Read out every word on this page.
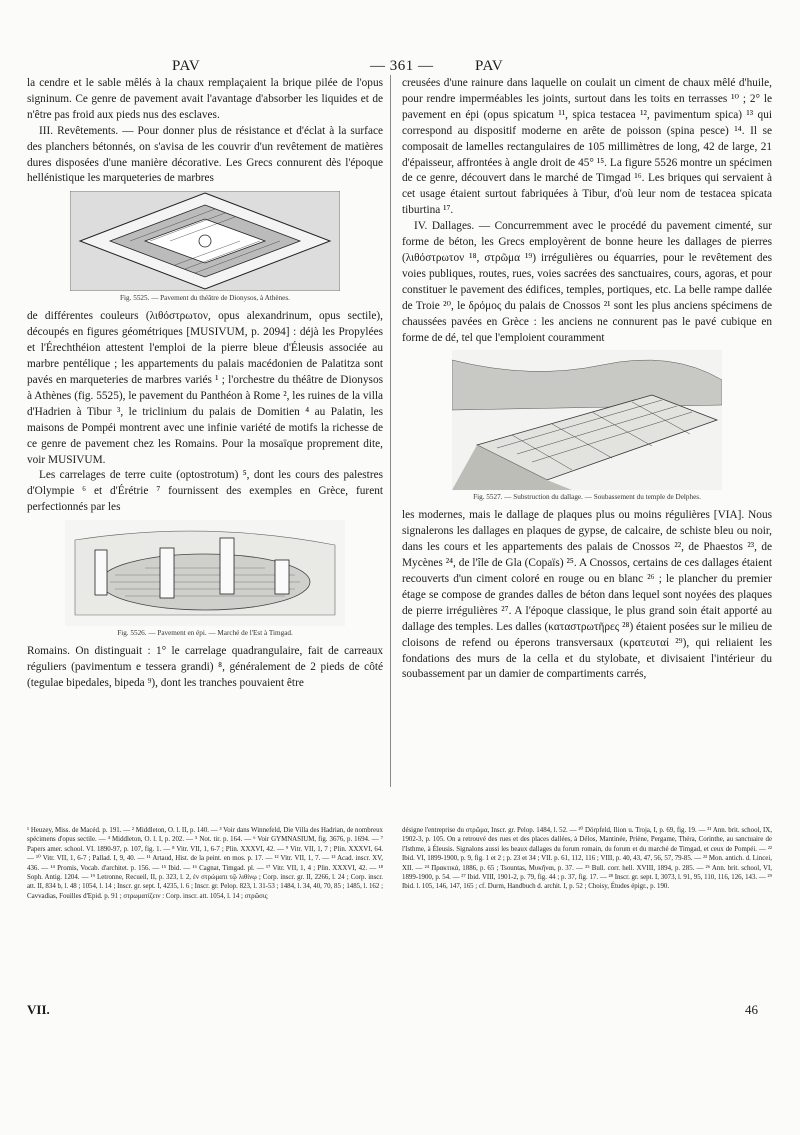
PAV	— 361 —	PAV

la cendre et le sable mêlés à la chaux remplaçaient la brique pilée de l'opus signinum. Ce genre de pavement avait l'avantage d'absorber les liquides et de n'être pas froid aux pieds nus des esclaves.

III. Revêtements. — Pour donner plus de résistance et d'éclat à la surface des planchers bétonnés, on s'avisa de les couvrir d'un revêtement de matières dures disposées d'une manière décorative. Les Grecs connurent dès l'époque hellénistique les marqueteries de marbres

Fig. 5525. — Pavement du théâtre de Dionysos, à Athènes.

de différentes couleurs (λιθόστρωτον, opus alexandrinum, opus sectile), découpés en figures géométriques [MUSIVUM, p. 2094] : déjà les Propylées et l'Érechthéion attestent l'emploi de la pierre bleue d'Éleusis associée au marbre pentélique ; les appartements du palais macédonien de Palatitza sont pavés en marqueteries de marbres variés ¹ ; l'orchestre du théâtre de Dionysos à Athènes (fig. 5525), le pavement du Panthéon à Rome ², les ruines de la villa d'Hadrien à Tibur ³, le triclinium du palais de Domitien ⁴ au Palatin, les maisons de Pompéi montrent avec une infinie variété de motifs la richesse de ce genre de pavement chez les Romains. Pour la mosaïque proprement dite, voir MUSIVUM.

Les carrelages de terre cuite (optostrotum) ⁵, dont les cours des palestres d'Olympie ⁶ et d'Érétrie ⁷ fournissent des exemples en Grèce, furent perfectionnés par les

Fig. 5526. — Pavement en épi. — Marché de l'Est à Timgad.

Romains. On distinguait : 1° le carrelage quadrangulaire, fait de carreaux réguliers (pavimentum e tessera grandi) ⁸, généralement de 2 pieds de côté (tegulae bipedales, bipeda ⁹), dont les tranches pouvaient être

creusées d'une rainure dans laquelle on coulait un ciment de chaux mêlé d'huile, pour rendre imperméables les joints, surtout dans les toits en terrasses ¹⁰ ; 2° le pavement en épi (opus spicatum ¹¹, spica testacea ¹², pavimentum spica) ¹³ qui correspond au dispositif moderne en arête de poisson (spina pesce) ¹⁴. Il se composait de lamelles rectangulaires de 105 millimètres de long, 42 de large, 21 d'épaisseur, affrontées à angle droit de 45° ¹⁵. La figure 5526 montre un spécimen de ce genre, découvert dans le marché de Timgad ¹⁶. Les briques qui servaient à cet usage étaient surtout fabriquées à Tibur, d'où leur nom de testacea spicata tiburtina ¹⁷.

IV. Dallages. — Concurremment avec le procédé du pavement cimenté, sur forme de béton, les Grecs employèrent de bonne heure les dallages de pierres (λιθόστρωτον ¹⁸, στρῶμα ¹⁹) irrégulières ou équarries, pour le revêtement des voies publiques, routes, rues, voies sacrées des sanctuaires, cours, agoras, et pour constituer le pavement des édifices, temples, portiques, etc. La belle rampe dallée de Troie ²⁰, le δρόμος du palais de Cnossos ²¹ sont les plus anciens spécimens de chaussées pavées en Grèce : les anciens ne connurent pas le pavé cubique en forme de dé, tel que l'emploient couramment

Fig. 5527. — Substruction du dallage. — Soubassement du temple de Delphes.

les modernes, mais le dallage de plaques plus ou moins régulières [VIA]. Nous signalerons les dallages en plaques de gypse, de calcaire, de schiste bleu ou noir, dans les cours et les appartements des palais de Cnossos ²², de Phaestos ²³, de Mycènes ²⁴, de l'île de Gla (Copaïs) ²⁵. A Cnossos, certains de ces dallages étaient recouverts d'un ciment coloré en rouge ou en blanc ²⁶ ; le plancher du premier étage se compose de grandes dalles de béton dans lequel sont noyées des plaques de pierre irrégulières ²⁷. A l'époque classique, le plus grand soin était apporté au dallage des temples. Les dalles (καταστρωτῆρες ²⁸) étaient posées sur le milieu de cloisons de refend ou éperons transversaux (κρατευταί ²⁹), qui reliaient les fondations des murs de la cella et du stylobate, et divisaient l'intérieur du soubassement par un damier de compartiments carrés,

¹ Heuzey, Miss. de Macéd. p. 191. — ² Middleton, O. l. II, p. 140. — ³ Voir dans Winnefeld, Die Villa des Hadrian, de nombreux spécimens d'opus sectile. — ⁴ Middleton, O. l. I, p. 202. — ⁵ Not. tir. p. 164. — ⁶ Voir GYMNASIUM, fig. 3676, p. 1694. — ⁷ Papers amer. school. VI. 1890-97, p. 107, fig. 1. — ⁸ Vitr. VII, 1, 6-7 ; Plin. XXXVI, 42. — ⁹ Vitr. VII, 1, 7 ; Plin. XXXVI, 64. — ¹⁰ Vitr. VII, 1, 6-7 ; Pallad. I, 9, 40. — ¹¹ Artaud, Hist. de la peint. en mos. p. 17. — ¹² Vitr. VII, 1, 7. — ¹³ Acad. inscr. XV, 436. — ¹⁴ Promis, Vocab. d'architet. p. 156. — ¹⁵ Ibid. — ¹⁶ Cagnat, Timgad. pl. — ¹⁷ Vitr. VII, 1, 4 ; Plin. XXXVI, 42. — ¹⁸ Soph. Antig. 1204. — ¹⁹ Letronne, Recueil, II, p. 323, l. 2, ἐν στρώματι τῷ λιθίνῳ ; Corp. inscr. gr. II, 2266, l. 24 ; Corp. inscr. att. II, 834 b, l. 48 ; 1054, l. 14 ; Inscr. gr. sept. I, 4235, l. 6 ; Inscr. gr. Pelop. 823, l. 31-53 ; 1484, l. 34, 40, 70, 85 ; 1485, l. 162 ; Cavvadias, Fouilles d'Epid. p. 91 ; στρωματίζειν : Corp. inscr. att. 1054, l. 14 ; στρῶσις
désigne l'entreprise du στρῶμα, Inscr. gr. Pelop. 1484, l. 52. — ²⁰ Dörpfeld, Ilion u. Troja, I, p. 69, fig. 19. — ²¹ Ann. brit. school, IX, 1902-3, p. 105. On a retrouvé des rues et des places dallées, à Délos, Mantinée, Priène, Pergame, Théra, Corinthe, au sanctuaire de l'Isthme, à Éleusis. Signalons aussi les beaux dallages du forum romain, du forum et du marché de Timgad, et ceux de Pompéi. — ²² Ibid. VI, 1899-1900, p. 9, fig. 1 et 2 ; p. 23 et 34 ; VII. p. 61, 112, 116 ; VIII, p. 40, 43, 47, 56, 57, 79-85. — ²³ Mon. antich. d. Lincei, XII. — ²⁴ Πρακτικά, 1886, p. 65 ; Tsountas, Μυκῆναι, p. 37. — ²⁵ Bull. corr. hell. XVIII, 1894, p. 285. — ²⁶ Ann. brit. school, VI, 1899-1900, p. 54. — ²⁷ Ibid. VIII, 1901-2, p. 79, fig. 44 ; p. 37, fig. 17. — ²⁸ Inscr. gr. sept. I, 3073, l. 91, 95, 110, 116, 126, 143. — ²⁹ Ibid. l. 105, 146, 147, 165 ; cf. Durm, Handbuch d. archit. I, p. 52 ; Choisy, Études épigr., p. 190.
VII.	46
